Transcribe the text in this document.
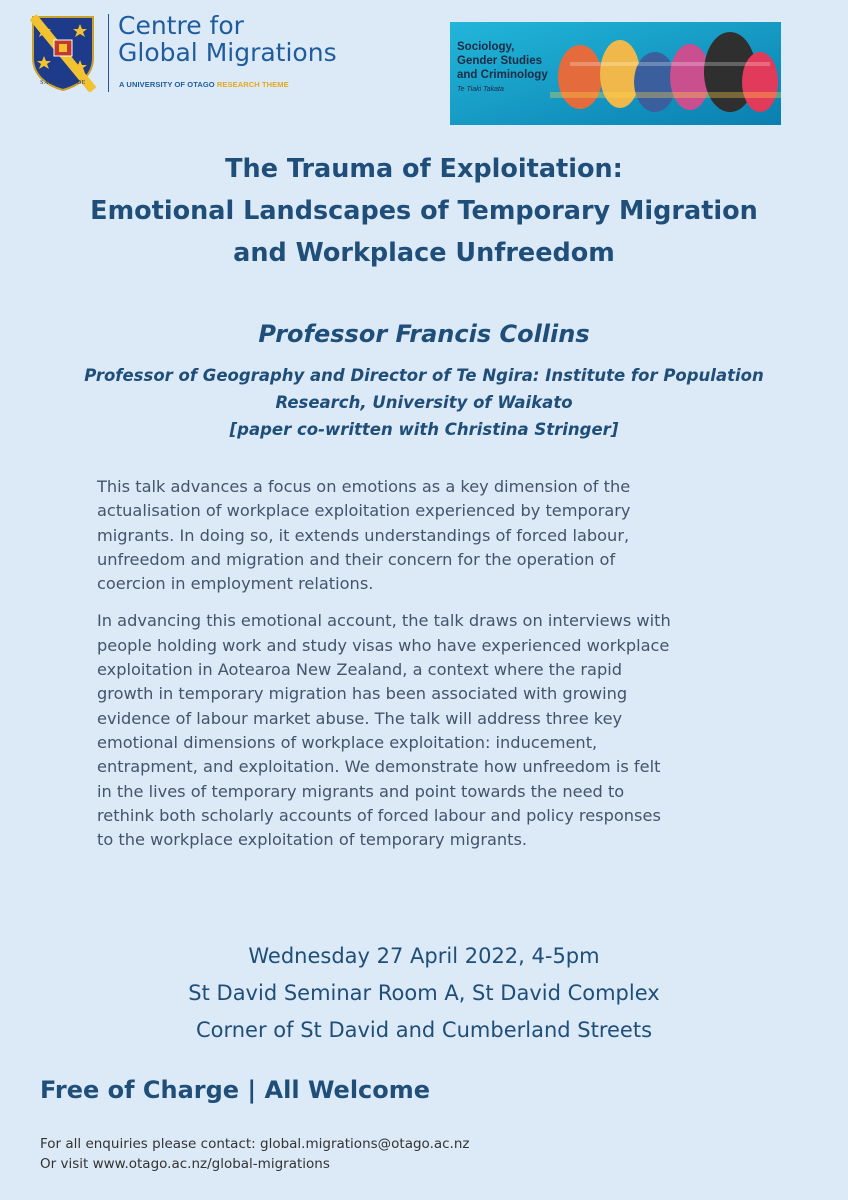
SAPERE AUDE
Centre for
Global Migrations
A UNIVERSITY OF OTAGO RESEARCH THEME
Sociology,
Gender Studies
and Criminology
Te Tiaki Takata
The Trauma of Exploitation:
Emotional Landscapes of Temporary Migration
and Workplace Unfreedom
Professor Francis Collins
Professor of Geography and Director of Te Ngira: Institute for Population
Research, University of Waikato
[paper co-written with Christina Stringer]

This talk advances a focus on emotions as a key dimension of the
actualisation of workplace exploitation experienced by temporary
migrants. In doing so, it extends understandings of forced labour,
unfreedom and migration and their concern for the operation of
coercion in employment relations.

In advancing this emotional account, the talk draws on interviews with
people holding work and study visas who have experienced workplace
exploitation in Aotearoa New Zealand, a context where the rapid
growth in temporary migration has been associated with growing
evidence of labour market abuse. The talk will address three key
emotional dimensions of workplace exploitation: inducement,
entrapment, and exploitation. We demonstrate how unfreedom is felt
in the lives of temporary migrants and point towards the need to
rethink both scholarly accounts of forced labour and policy responses
to the workplace exploitation of temporary migrants.

Wednesday 27 April 2022, 4-5pm
St David Seminar Room A, St David Complex
Corner of St David and Cumberland Streets
Free of Charge | All Welcome
For all enquiries please contact: global.migrations@otago.ac.nz
Or visit www.otago.ac.nz/global-migrations
